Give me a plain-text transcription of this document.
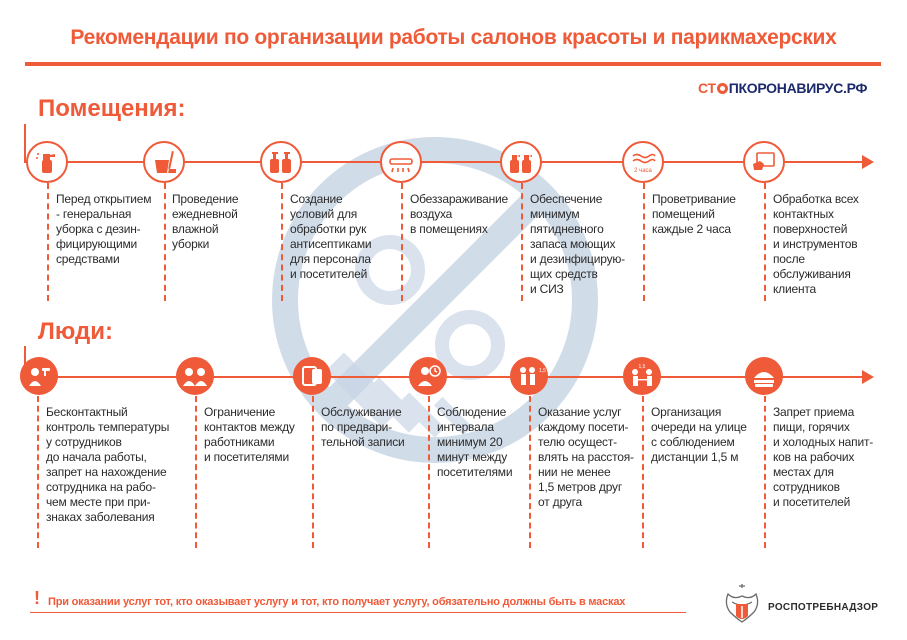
Рекомендации по организации работы салонов красоты и парикмахерских
СТ ПКОРОНАВИРУС.РФ
Помещения:
Люди:
2 часа
1,5
1,5
Перед открытием
- генеральная
уборка с дезин-
фицирующими
средствами
Проведение
ежедневной
влажной
уборки
Создание
условий для
обработки рук
антисептиками
для персонала
и посетителей
Обеззараживание
воздуха
в помещениях
Обеспечение
минимум
пятидневного
запаса моющих
и дезинфицирую-
щих средств
и СИЗ
Проветривание
помещений
каждые 2 часа
Обработка всех
контактных
поверхностей
и инструментов
после
обслуживания
клиента
Бесконтактный
контроль температуры
у сотрудников
до начала работы,
запрет на нахождение
сотрудника на рабо-
чем месте при при-
знаках заболевания
Ограничение
контактов между
работниками
и посетителями
Обслуживание
по предвари-
тельной записи
Соблюдение
интервала
минимум 20
минут между
посетителями
Оказание услуг
каждому посети-
телю осущест-
влять на расстоя-
нии не менее
1,5 метров друг
от друга
Организация
очереди на улице
с соблюдением
дистанции 1,5 м
Запрет приема
пищи, горячих
и холодных напит-
ков на рабочих
местах для
сотрудников
и посетителей
! При оказании услуг тот, кто оказывает услугу и тот, кто получает услугу, обязательно должны быть в масках	РОСПОТРЕБНАДЗОР
